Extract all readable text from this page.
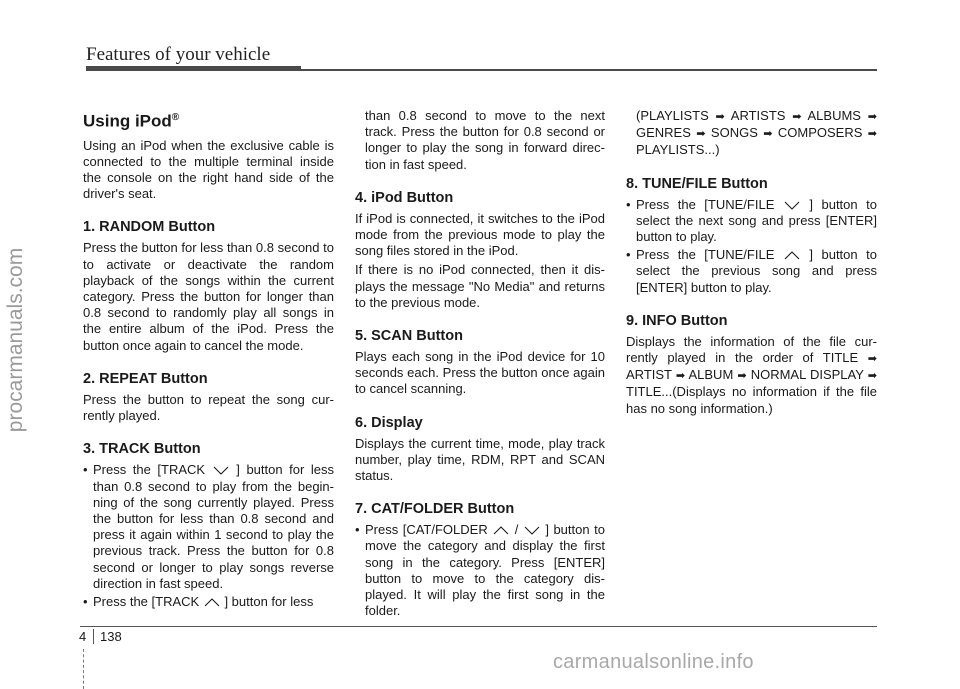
Features of your vehicle
procarmanuals.com
Using iPod®

Using an iPod when the exclusive cable is connected to the multiple terminal inside the console on the right hand side of the driver's seat.

1. RANDOM Button

Press the button for less than 0.8 second to to activate or deactivate the random playback of the songs within the current category. Press the button for longer than 0.8 second to randomly play all songs in the entire album of the iPod. Press the button once again to cancel the mode.

2. REPEAT Button

Press the button to repeat the song cur-rently played.

3. TRACK Button
• Press the [TRACK ] button for less than 0.8 second to play from the begin-ning of the song currently played. Press the button for less than 0.8 second and press it again within 1 second to play the previous track. Press the button for 0.8 second or longer to play songs reverse direction in fast speed.
• Press the [TRACK ] button for less

than 0.8 second to move to the next track. Press the button for 0.8 second or longer to play the song in forward direc-tion in fast speed.

4. iPod Button

If iPod is connected, it switches to the iPod mode from the previous mode to play the song files stored in the iPod.

If there is no iPod connected, then it dis-plays the message "No Media" and returns to the previous mode.

5. SCAN Button

Plays each song in the iPod device for 10 seconds each. Press the button once again to cancel scanning.

6. Display

Displays the current time, mode, play track number, play time, RDM, RPT and SCAN status.

7. CAT/FOLDER Button
• Press [CAT/FOLDER / ] button to move the category and display the first song in the category. Press [ENTER] button to move to the category dis-played. It will play the first song in the folder.

(PLAYLISTS ➡ ARTISTS ➡ ALBUMS ➡ GENRES ➡ SONGS ➡ COMPOSERS ➡ PLAYLISTS...)

8. TUNE/FILE Button
• Press the [TUNE/FILE	] button to select the next song and press [ENTER] button to play.
• Press the [TUNE/FILE	] button to select the previous song and press [ENTER] button to play.
9. INFO Button

Displays the information of the file cur-rently played in the order of TITLE ➡ ARTIST ➡ ALBUM ➡ NORMAL DISPLAY ➡ TITLE...(Displays no information if the file has no song information.)

4 138
carmanualsonline.info
